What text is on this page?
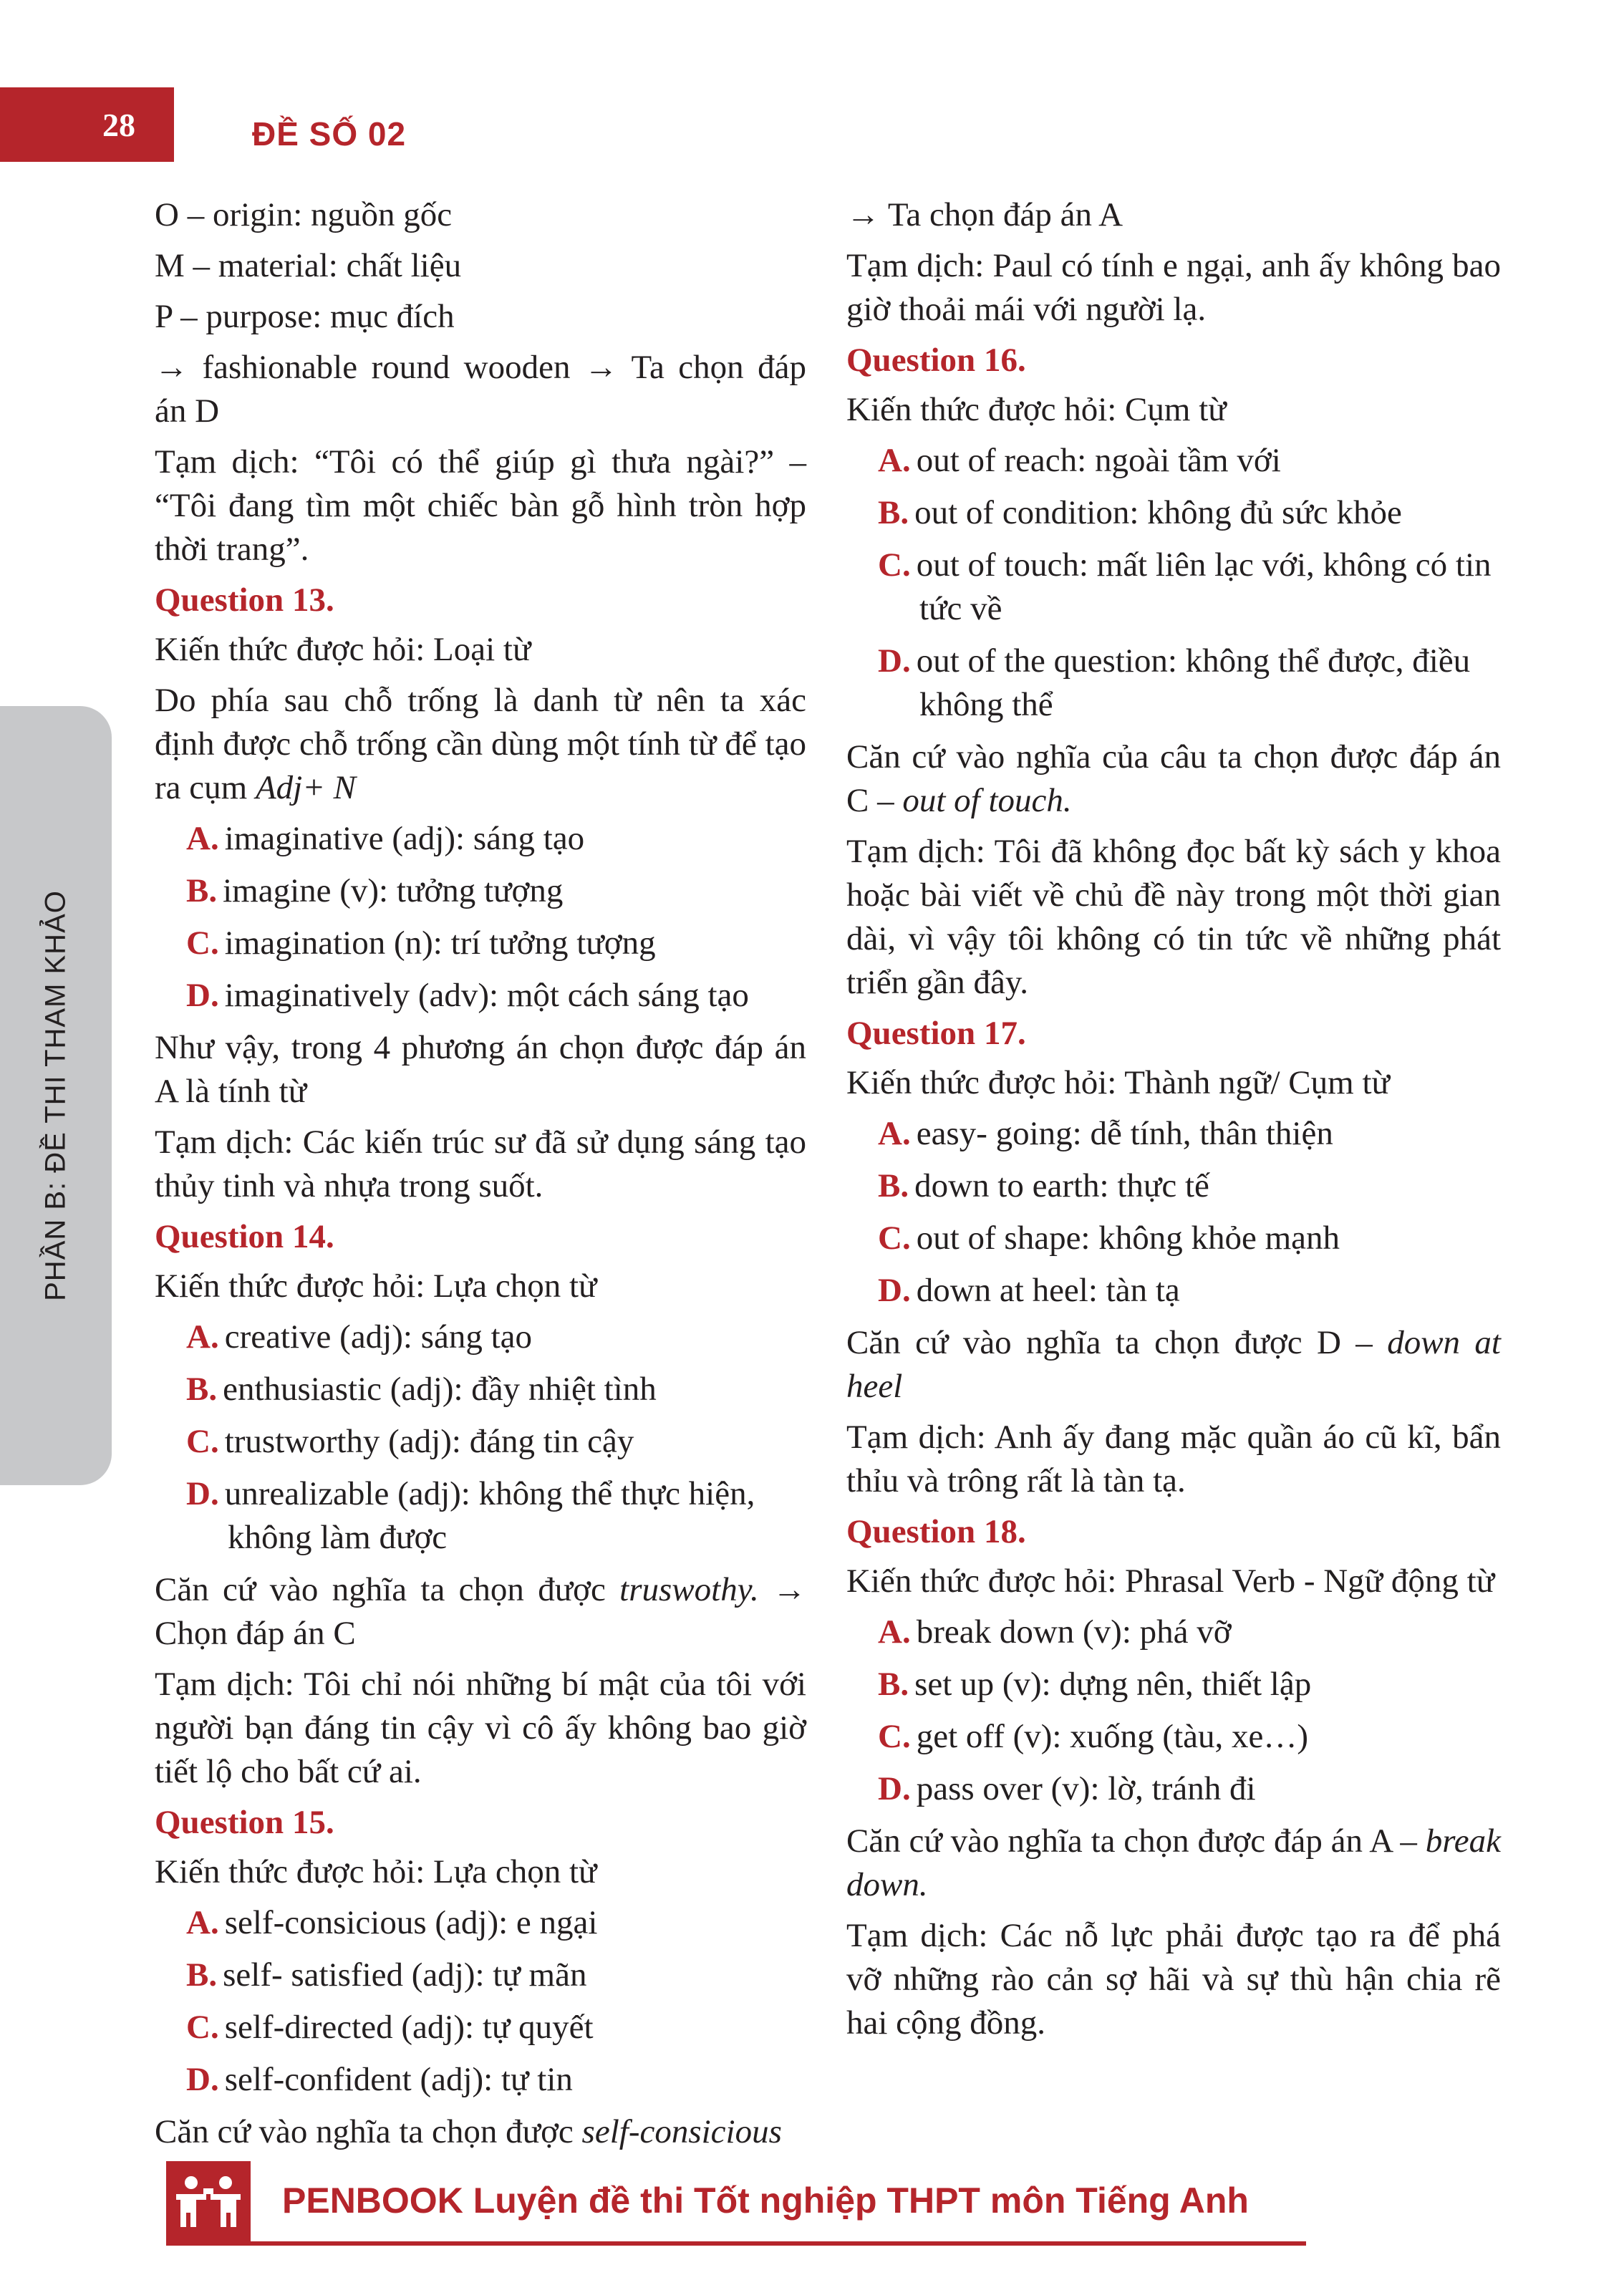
28	ĐỀ SỐ 02
PHẦN B: ĐỀ THI THAM KHẢO

O – origin: nguồn gốc

M – material: chất liệu

P – purpose: mục đích

→ fashionable round wooden → Ta chọn đáp án D

Tạm dịch: “Tôi có thể giúp gì thưa ngài?” – “Tôi đang tìm một chiếc bàn gỗ hình tròn hợp thời trang”.

Question 13.

Kiến thức được hỏi: Loại từ

Do phía sau chỗ trống là danh từ nên ta xác định được chỗ trống cần dùng một tính từ để tạo ra cụm Adj+ N

A. imaginative (adj): sáng tạo

B. imagine (v): tưởng tượng

C. imagination (n): trí tưởng tượng

D. imaginatively (adv): một cách sáng tạo

Như vậy, trong 4 phương án chọn được đáp án A là tính từ

Tạm dịch: Các kiến trúc sư đã sử dụng sáng tạo thủy tinh và nhựa trong suốt.

Question 14.

Kiến thức được hỏi: Lựa chọn từ

A. creative (adj): sáng tạo

B. enthusiastic (adj): đầy nhiệt tình

C. trustworthy (adj): đáng tin cậy

D. unrealizable (adj): không thể thực hiện, không làm được

Căn cứ vào nghĩa ta chọn được truswothy. → Chọn đáp án C

Tạm dịch: Tôi chỉ nói những bí mật của tôi với người bạn đáng tin cậy vì cô ấy không bao giờ tiết lộ cho bất cứ ai.

Question 15.

Kiến thức được hỏi: Lựa chọn từ

A. self-consicious (adj): e ngại

B. self- satisfied (adj): tự mãn

C. self-directed (adj): tự quyết

D. self-confident (adj): tự tin

Căn cứ vào nghĩa ta chọn được self-consicious

→ Ta chọn đáp án A

Tạm dịch: Paul có tính e ngại, anh ấy không bao giờ thoải mái với người lạ.

Question 16.

Kiến thức được hỏi: Cụm từ

A. out of reach: ngoài tầm với

B. out of condition: không đủ sức khỏe

C. out of touch: mất liên lạc với, không có tin tức về

D. out of the question: không thể được, điều không thể

Căn cứ vào nghĩa của câu ta chọn được đáp án C – out of touch.

Tạm dịch: Tôi đã không đọc bất kỳ sách y khoa hoặc bài viết về chủ đề này trong một thời gian dài, vì vậy tôi không có tin tức về những phát triển gần đây.

Question 17.

Kiến thức được hỏi: Thành ngữ/ Cụm từ

A. easy- going: dễ tính, thân thiện

B. down to earth: thực tế

C. out of shape: không khỏe mạnh

D. down at heel: tàn tạ

Căn cứ vào nghĩa ta chọn được D – down at heel

Tạm dịch: Anh ấy đang mặc quần áo cũ kĩ, bẩn thỉu và trông rất là tàn tạ.

Question 18.

Kiến thức được hỏi: Phrasal Verb - Ngữ động từ

A. break down (v): phá vỡ

B. set up (v): dựng nên, thiết lập

C. get off (v): xuống (tàu, xe…)

D. pass over (v): lờ, tránh đi

Căn cứ vào nghĩa ta chọn được đáp án A – break down.

Tạm dịch: Các nỗ lực phải được tạo ra để phá vỡ những rào cản sợ hãi và sự thù hận chia rẽ hai cộng đồng.

PENBOOK Luyện đề thi Tốt nghiệp THPT môn Tiếng Anh
